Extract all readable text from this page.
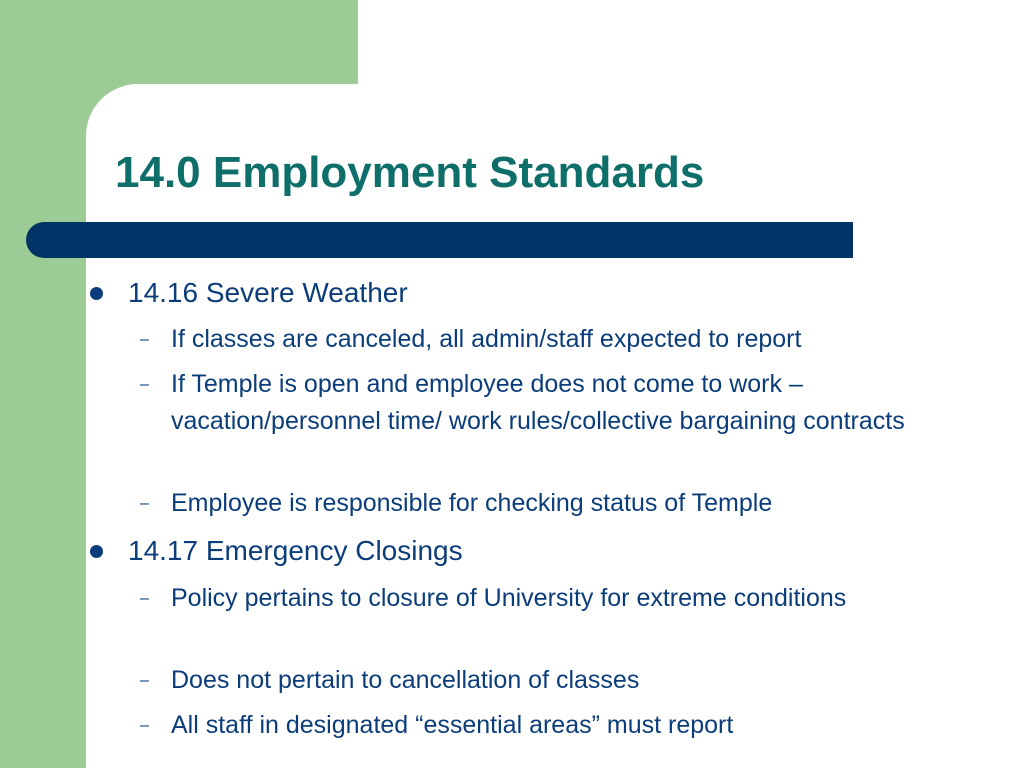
14.0 Employment Standards
14.16 Severe Weather
– If classes are canceled, all admin/staff expected to report
– If Temple is open and employee does not come to work – vacation/personnel time/ work rules/collective bargaining contracts
– Employee is responsible for checking status of Temple
14.17 Emergency Closings
– Policy pertains to closure of University for extreme conditions
– Does not pertain to cancellation of classes
– All staff in designated “essential areas” must report
